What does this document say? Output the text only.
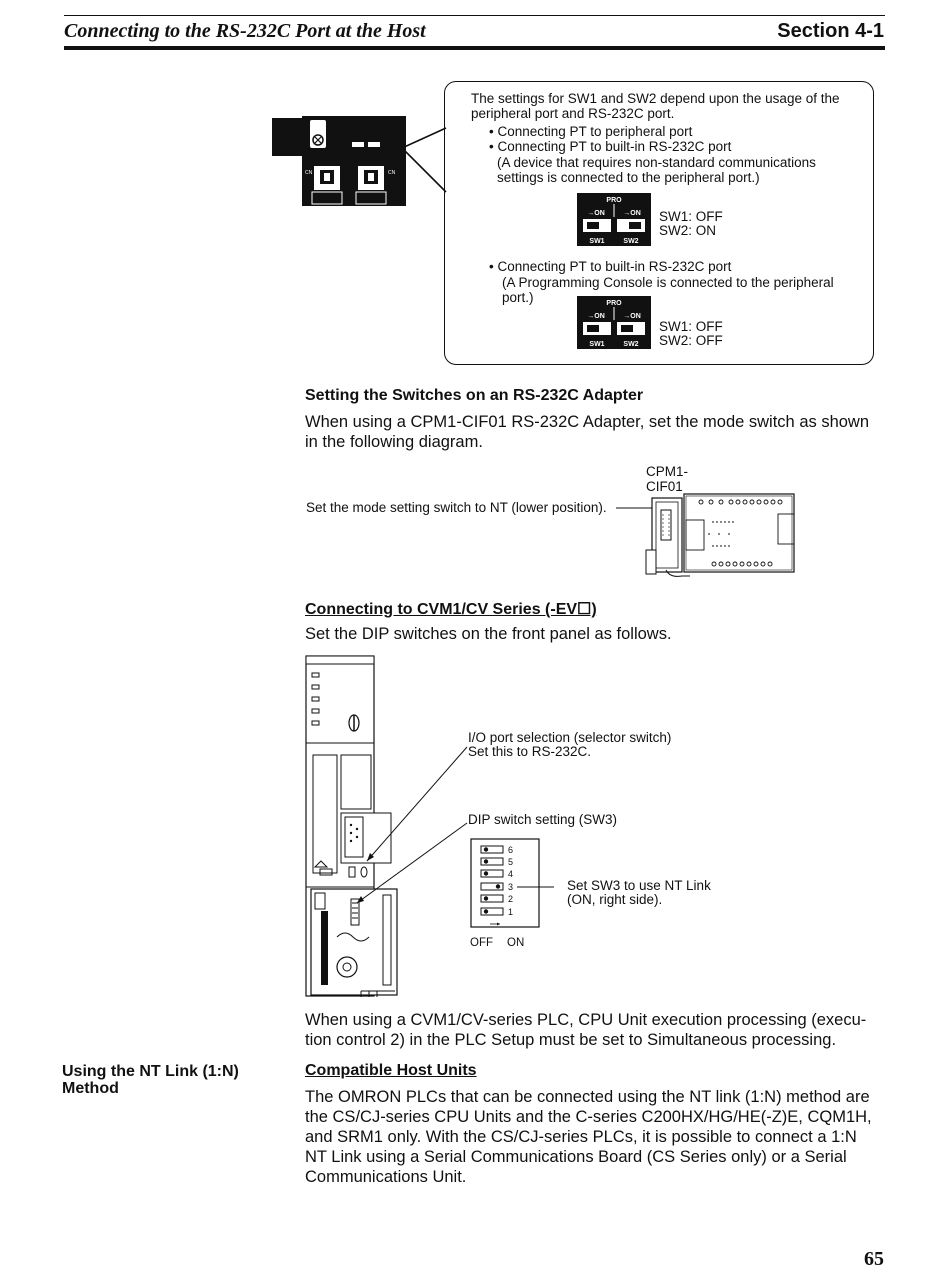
Connecting to the RS-232C Port at the Host	Section 4-1
CN	CN
The settings for SW1 and SW2 depend upon the usage of the
peripheral port and RS-232C port.
• Connecting PT to peripheral port
• Connecting PT to built-in RS-232C port
(A device that requires non-standard communications
settings is connected to the peripheral port.)
PRO
→ON	→ON
SW1	SW2
SW1: OFF
SW2: ON
• Connecting PT to built-in RS-232C port
(A Programming Console is connected to the peripheral
port.)	PRO
→ON	→ON
SW1	SW2
SW1: OFF
SW2: OFF
Setting the Switches on an RS-232C Adapter
When using a CPM1-CIF01 RS-232C Adapter, set the mode switch as shown
in the following diagram.
CPM1-
CIF01
Set the mode setting switch to NT (lower position).
Connecting to CVM1/CV Series (-EV☐)
Set the DIP switches on the front panel as follows.
I/O port selection (selector switch)
Set this to RS-232C.
DIP switch setting (SW3)
6
5
4
3
2
1
OFF ON
Set SW3 to use NT Link
(ON, right side).
When using a CVM1/CV-series PLC, CPU Unit execution processing (execu-
tion control 2) in the PLC Setup must be set to Simultaneous processing.
Using the NT Link (1:N)
Method
Compatible Host Units
The OMRON PLCs that can be connected using the NT link (1:N) method are
the CS/CJ-series CPU Units and the C-series C200HX/HG/HE(-Z)E, CQM1H,
and SRM1 only. With the CS/CJ-series PLCs, it is possible to connect a 1:N
NT Link using a Serial Communications Board (CS Series only) or a Serial
Communications Unit.
65
